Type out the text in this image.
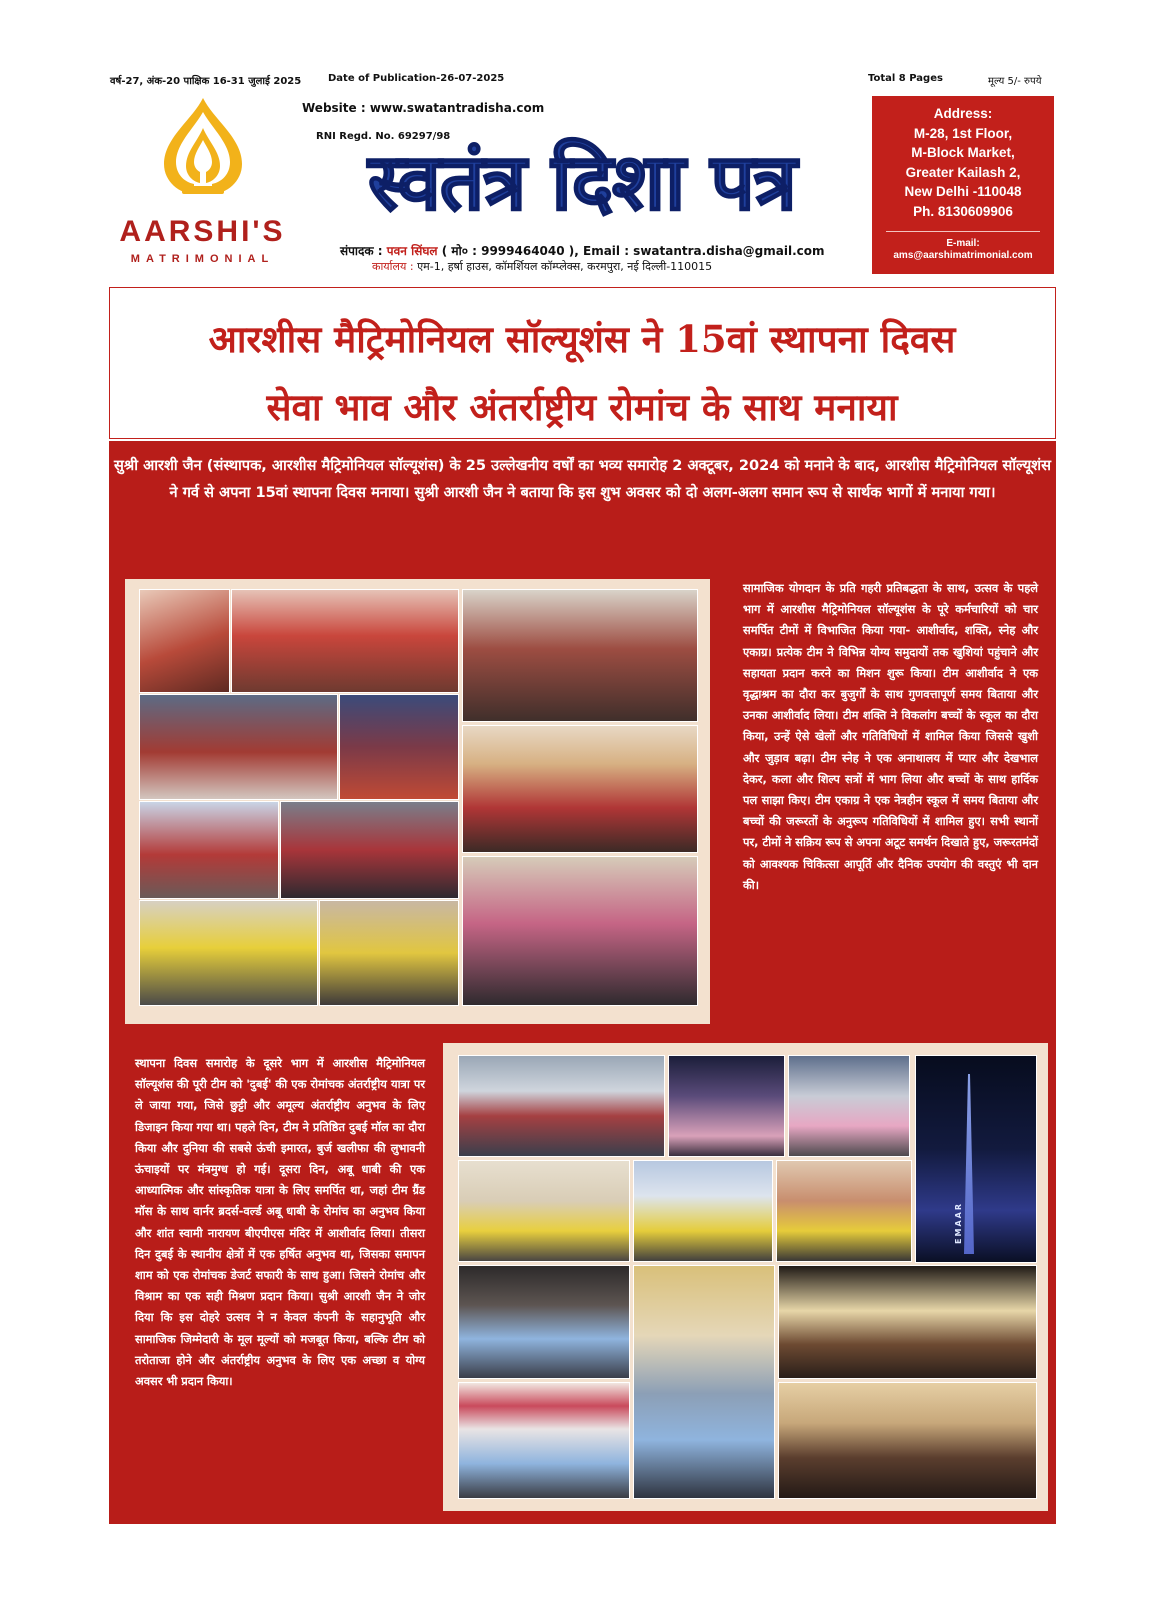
वर्ष-27, अंक-20 पाक्षिक 16-31 जुलाई 2025	Date of Publication-26-07-2025	Total 8 Pages	मूल्य 5/- रुपये
AARSHI'S
MATRIMONIAL
Website : www.swatantradisha.com
RNI Regd. No. 69297/98
स्वतंत्र दिशा पत्र
संपादक : पवन सिंघल ( मो० : 9999464040 ), Email : swatantra.disha@gmail.com
कार्यालय : एम-1, हर्षा हाउस, कॉमर्शियल कॉम्प्लेक्स, करमपुरा, नई दिल्ली-110015
Address:
M-28, 1st Floor,
M-Block Market,
Greater Kailash 2,
New Delhi -110048
Ph. 8130609906
E-mail:
ams@aarshimatrimonial.com
आरशीस मैट्रिमोनियल सॉल्यूशंस ने 15वां स्थापना दिवस
सेवा भाव और अंतर्राष्ट्रीय रोमांच के साथ मनाया
सुश्री आरशी जैन (संस्थापक, आरशीस मैट्रिमोनियल सॉल्यूशंस) के 25 उल्लेखनीय वर्षों का भव्य समारोह 2 अक्टूबर, 2024 को मनाने के बाद, आरशीस मैट्रिमोनियल सॉल्यूशंस ने गर्व से अपना 15वां स्थापना दिवस मनाया। सुश्री आरशी जैन ने बताया कि इस शुभ अवसर को दो अलग-अलग समान रूप से सार्थक भागों में मनाया गया।
सामाजिक योगदान के प्रति गहरी प्रतिबद्धता के साथ, उत्सव के पहले भाग में आरशीस मैट्रिमोनियल सॉल्यूशंस के पूरे कर्मचारियों को चार समर्पित टीमों में विभाजित किया गया- आशीर्वाद, शक्ति, स्नेह और एकाग्र। प्रत्येक टीम ने विभिन्न योग्य समुदायों तक खुशियां पहुंचाने और सहायता प्रदान करने का मिशन शुरू किया। टीम आशीर्वाद ने एक वृद्धाश्रम का दौरा कर बुजुर्गों के साथ गुणवत्तापूर्ण समय बिताया और उनका आशीर्वाद लिया। टीम शक्ति ने विकलांग बच्चों के स्कूल का दौरा किया, उन्हें ऐसे खेलों और गतिविधियों में शामिल किया जिससे खुशी और जुड़ाव बढ़ा। टीम स्नेह ने एक अनाथालय में प्यार और देखभाल देकर, कला और शिल्प सत्रों में भाग लिया और बच्चों के साथ हार्दिक पल साझा किए। टीम एकाग्र ने एक नेत्रहीन स्कूल में समय बिताया और बच्चों की जरूरतों के अनुरूप गतिविधियों में शामिल हुए। सभी स्थानों पर, टीमों ने सक्रिय रूप से अपना अटूट समर्थन दिखाते हुए, जरूरतमंदों को आवश्यक चिकित्सा आपूर्ति और दैनिक उपयोग की वस्तुएं भी दान की।
स्थापना दिवस समारोह के दूसरे भाग में आरशीस मैट्रिमोनियल सॉल्यूशंस की पूरी टीम को 'दुबई' की एक रोमांचक अंतर्राष्ट्रीय यात्रा पर ले जाया गया, जिसे छुट्टी और अमूल्य अंतर्राष्ट्रीय अनुभव के लिए डिजाइन किया गया था। पहले दिन, टीम ने प्रतिष्ठित दुबई मॉल का दौरा किया और दुनिया की सबसे ऊंची इमारत, बुर्ज खलीफा की लुभावनी ऊंचाइयों पर मंत्रमुग्ध हो गई। दूसरा दिन, अबू धाबी की एक आध्यात्मिक और सांस्कृतिक यात्रा के लिए समर्पित था, जहां टीम ग्रैंड मॉस के साथ वार्नर ब्रदर्स-वर्ल्ड अबू धाबी के रोमांच का अनुभव किया और शांत स्वामी नारायण बीएपीएस मंदिर में आशीर्वाद लिया। तीसरा दिन दुबई के स्थानीय क्षेत्रों में एक हर्षित अनुभव था, जिसका समापन शाम को एक रोमांचक डेजर्ट सफारी के साथ हुआ। जिसने रोमांच और विश्राम का एक सही मिश्रण प्रदान किया। सुश्री आरशी जैन ने जोर दिया कि इस दोहरे उत्सव ने न केवल कंपनी के सहानुभूति और सामाजिक जिम्मेदारी के मूल मूल्यों को मजबूत किया, बल्कि टीम को तरोताजा होने और अंतर्राष्ट्रीय अनुभव के लिए एक अच्छा व योग्य अवसर भी प्रदान किया।
EMAAR
